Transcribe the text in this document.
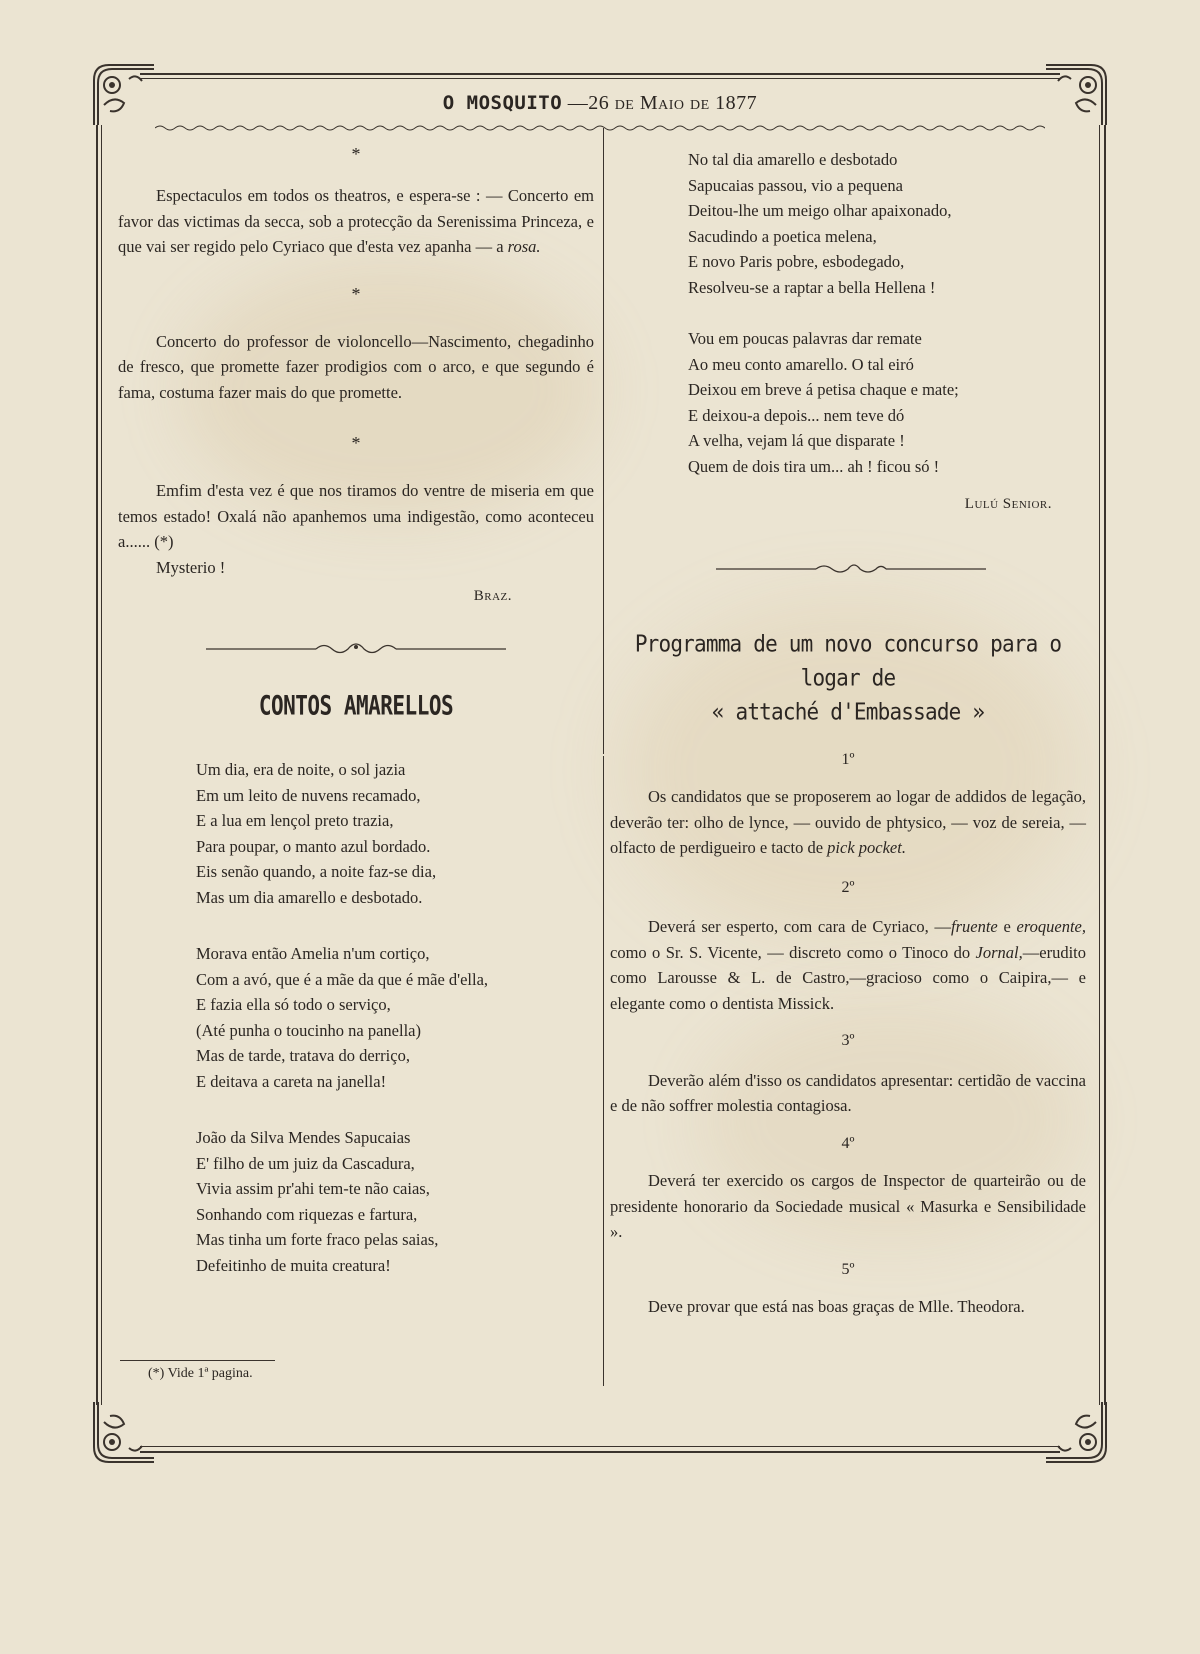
O MOSQUITO —26 de Maio de 1877

*

Espectaculos em todos os theatros, e espera-se : — Concerto em favor das victimas da secca, sob a protecção da Serenissima Princeza, e que vai ser regido pelo Cyriaco que d'esta vez apanha — a rosa.

*

Concerto do professor de violoncello—Nascimento, chegadinho de fresco, que promette fazer prodigios com o arco, e que segundo é fama, costuma fazer mais do que promette.

*

Emfim d'esta vez é que nos tiramos do ventre de miseria em que temos estado! Oxalá não apanhemos uma indigestão, como aconteceu a...... (*)

Mysterio !

Braz.
CONTOS AMARELLOS
Um dia, era de noite, o sol jazia
Em um leito de nuvens recamado,
E a lua em lençol preto trazia,
Para poupar, o manto azul bordado.
Eis senão quando, a noite faz-se dia,
Mas um dia amarello e desbotado.
Morava então Amelia n'um cortiço,
Com a avó, que é a mãe da que é mãe d'ella,
E fazia ella só todo o serviço,
(Até punha o toucinho na panella)
Mas de tarde, tratava do derriço,
E deitava a careta na janella!
João da Silva Mendes Sapucaias
E' filho de um juiz da Cascadura,
Vivia assim pr'ahi tem-te não caias,
Sonhando com riquezas e fartura,
Mas tinha um forte fraco pelas saias,
Defeitinho de muita creatura!
(*) Vide 1ª pagina.
No tal dia amarello e desbotado
Sapucaias passou, vio a pequena
Deitou-lhe um meigo olhar apaixonado,
Sacudindo a poetica melena,
E novo Paris pobre, esbodegado,
Resolveu-se a raptar a bella Hellena !
Vou em poucas palavras dar remate
Ao meu conto amarello. O tal eiró
Deixou em breve á petisa chaque e mate;
E deixou-a depois... nem teve dó
A velha, vejam lá que disparate !
Quem de dois tira um... ah ! ficou só !
Lulú Senior.
Programma de um novo concurso para o logar de
« attaché d'Embassade »
1º

Os candidatos que se proposerem ao logar de addidos de legação, deverão ter: olho de lynce, — ouvido de phtysico, — voz de sereia, — olfacto de perdigueiro e tacto de pick pocket.

2º

Deverá ser esperto, com cara de Cyriaco, —fruente e eroquente, como o Sr. S. Vicente, — discreto como o Tinoco do Jornal,—erudito como Larousse & L. de Castro,—gracioso como o Caipira,— e elegante como o dentista Missick.

3º

Deverão além d'isso os candidatos apresentar: certidão de vaccina e de não soffrer molestia contagiosa.

4º

Deverá ter exercido os cargos de Inspector de quarteirão ou de presidente honorario da Sociedade musical « Masurka e Sensibilidade ».

5º

Deve provar que está nas boas graças de Mlle. Theodora.
